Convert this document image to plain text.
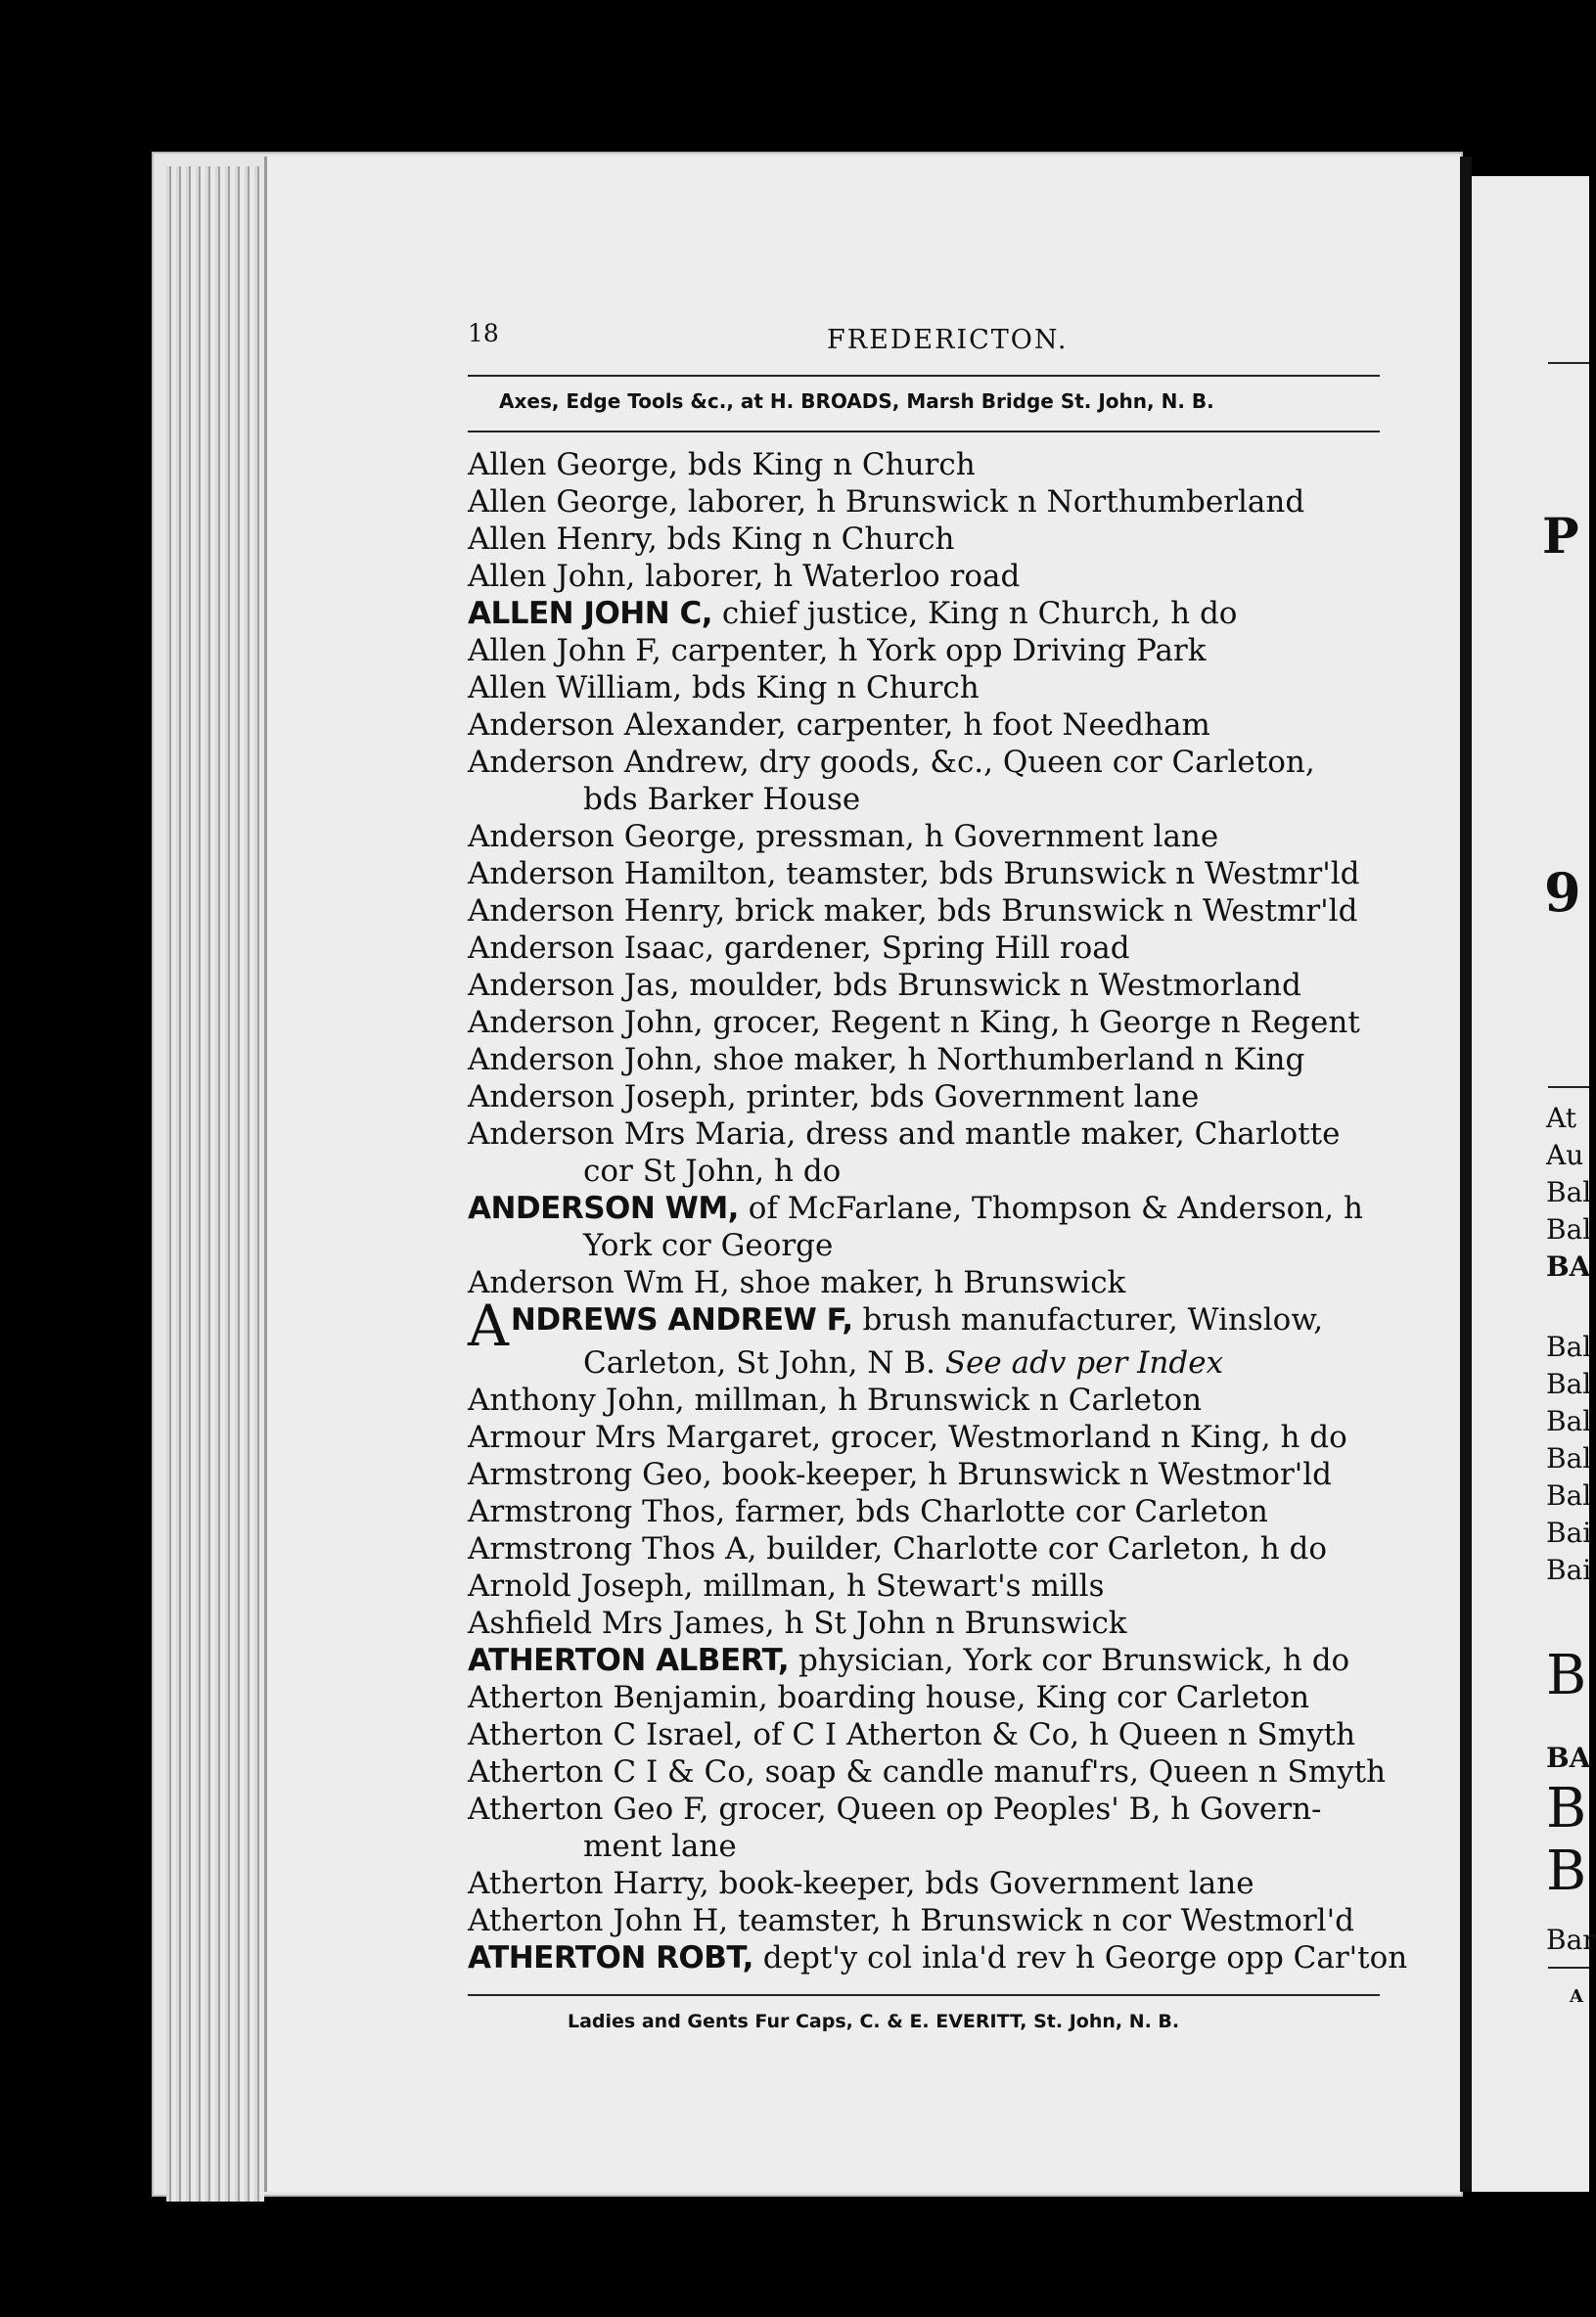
P
9
At
Au
Bal
Bal
BA
Bal
Bal
Bal
Bal
Bal
Bai
Bai
B
BA
B
B
Bar
A
18	FREDERICTON.
Axes, Edge Tools &c., at H. BROADS, Marsh Bridge St. John, N. B.
Allen George, bds King n Church
Allen George, laborer, h Brunswick n Northumberland
Allen Henry, bds King n Church
Allen John, laborer, h Waterloo road
ALLEN JOHN C, chief justice, King n Church, h do
Allen John F, carpenter, h York opp Driving Park
Allen William, bds King n Church
Anderson Alexander, carpenter, h foot Needham
Anderson Andrew, dry goods, &c., Queen cor Carleton,
bds Barker House
Anderson George, pressman, h Government lane
Anderson Hamilton, teamster, bds Brunswick n Westmr'ld
Anderson Henry, brick maker, bds Brunswick n Westmr'ld
Anderson Isaac, gardener, Spring Hill road
Anderson Jas, moulder, bds Brunswick n Westmorland
Anderson John, grocer, Regent n King, h George n Regent
Anderson John, shoe maker, h Northumberland n King
Anderson Joseph, printer, bds Government lane
Anderson Mrs Maria, dress and mantle maker, Charlotte
cor St John, h do
ANDERSON WM, of McFarlane, Thompson & Anderson, h
York cor George
Anderson Wm H, shoe maker, h Brunswick
ANDREWS ANDREW F, brush manufacturer, Winslow,
Carleton, St John, N B. See adv per Index
Anthony John, millman, h Brunswick n Carleton
Armour Mrs Margaret, grocer, Westmorland n King, h do
Armstrong Geo, book-keeper, h Brunswick n Westmor'ld
Armstrong Thos, farmer, bds Charlotte cor Carleton
Armstrong Thos A, builder, Charlotte cor Carleton, h do
Arnold Joseph, millman, h Stewart's mills
Ashfield Mrs James, h St John n Brunswick
ATHERTON ALBERT, physician, York cor Brunswick, h do
Atherton Benjamin, boarding house, King cor Carleton
Atherton C Israel, of C I Atherton & Co, h Queen n Smyth
Atherton C I & Co, soap & candle manuf'rs, Queen n Smyth
Atherton Geo F, grocer, Queen op Peoples' B, h Govern-
ment lane
Atherton Harry, book-keeper, bds Government lane
Atherton John H, teamster, h Brunswick n cor Westmorl'd
ATHERTON ROBT, dept'y col inla'd rev h George opp Car'ton
Ladies and Gents Fur Caps, C. & E. EVERITT, St. John, N. B.
